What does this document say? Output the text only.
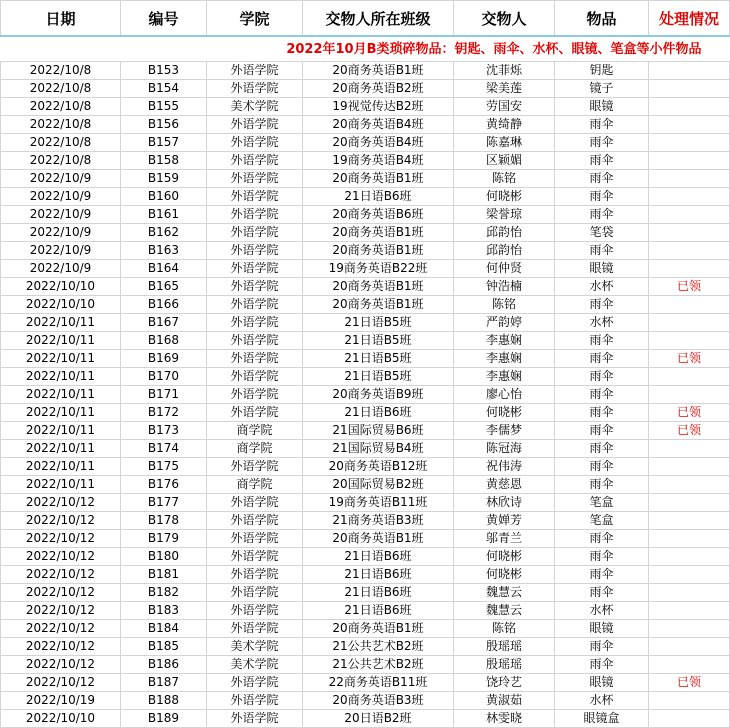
日期	编号	学院	交物人所在班级	交物人	物品	处理情况
2022年10月B类琐碎物品：钥匙、雨伞、水杯、眼镜、笔盒等小件物品						
2022/10/8	B153	外语学院	20商务英语B1班	沈菲烁	钥匙	
2022/10/8	B154	外语学院	20商务英语B2班	梁美莲	镜子	
2022/10/8	B155	美术学院	19视觉传达B2班	劳国安	眼镜	
2022/10/8	B156	外语学院	20商务英语B4班	黄绮静	雨伞	
2022/10/8	B157	外语学院	20商务英语B4班	陈嘉琳	雨伞	
2022/10/8	B158	外语学院	19商务英语B4班	区颖媚	雨伞	
2022/10/9	B159	外语学院	20商务英语B1班	陈铭	雨伞	
2022/10/9	B160	外语学院	21日语B6班	何晓彬	雨伞	
2022/10/9	B161	外语学院	20商务英语B6班	梁誉琼	雨伞	
2022/10/9	B162	外语学院	20商务英语B1班	邱韵怡	笔袋	
2022/10/9	B163	外语学院	20商务英语B1班	邱韵怡	雨伞	
2022/10/9	B164	外语学院	19商务英语B22班	何仲贤	眼镜	
2022/10/10	B165	外语学院	20商务英语B1班	钟浩楠	水杯	已领
2022/10/10	B166	外语学院	20商务英语B1班	陈铭	雨伞	
2022/10/11	B167	外语学院	21日语B5班	严韵婷	水杯	
2022/10/11	B168	外语学院	21日语B5班	李惠娴	雨伞	
2022/10/11	B169	外语学院	21日语B5班	李惠娴	雨伞	已领
2022/10/11	B170	外语学院	21日语B5班	李惠娴	雨伞	
2022/10/11	B171	外语学院	20商务英语B9班	廖心怡	雨伞	
2022/10/11	B172	外语学院	21日语B6班	何晓彬	雨伞	已领
2022/10/11	B173	商学院	21国际贸易B6班	李儒梦	雨伞	已领
2022/10/11	B174	商学院	21国际贸易B4班	陈冠海	雨伞	
2022/10/11	B175	外语学院	20商务英语B12班	祝伟涛	雨伞	
2022/10/11	B176	商学院	20国际贸易B2班	黄慈恩	雨伞	
2022/10/12	B177	外语学院	19商务英语B11班	林欣诗	笔盒	
2022/10/12	B178	外语学院	21商务英语B3班	黄婵芳	笔盒	
2022/10/12	B179	外语学院	20商务英语B1班	邬青兰	雨伞	
2022/10/12	B180	外语学院	21日语B6班	何晓彬	雨伞	
2022/10/12	B181	外语学院	21日语B6班	何晓彬	雨伞	
2022/10/12	B182	外语学院	21日语B6班	魏慧云	雨伞	
2022/10/12	B183	外语学院	21日语B6班	魏慧云	水杯	
2022/10/12	B184	外语学院	20商务英语B1班	陈铭	眼镜	
2022/10/12	B185	美术学院	21公共艺术B2班	殷瑶瑶	雨伞	
2022/10/12	B186	美术学院	21公共艺术B2班	殷瑶瑶	雨伞	
2022/10/12	B187	外语学院	22商务英语B11班	饶玲艺	眼镜	已领
2022/10/19	B188	外语学院	20商务英语B3班	黄淑茹	水杯	
2022/10/10	B189	外语学院	20日语B2班	林雯晓	眼镜盒	
